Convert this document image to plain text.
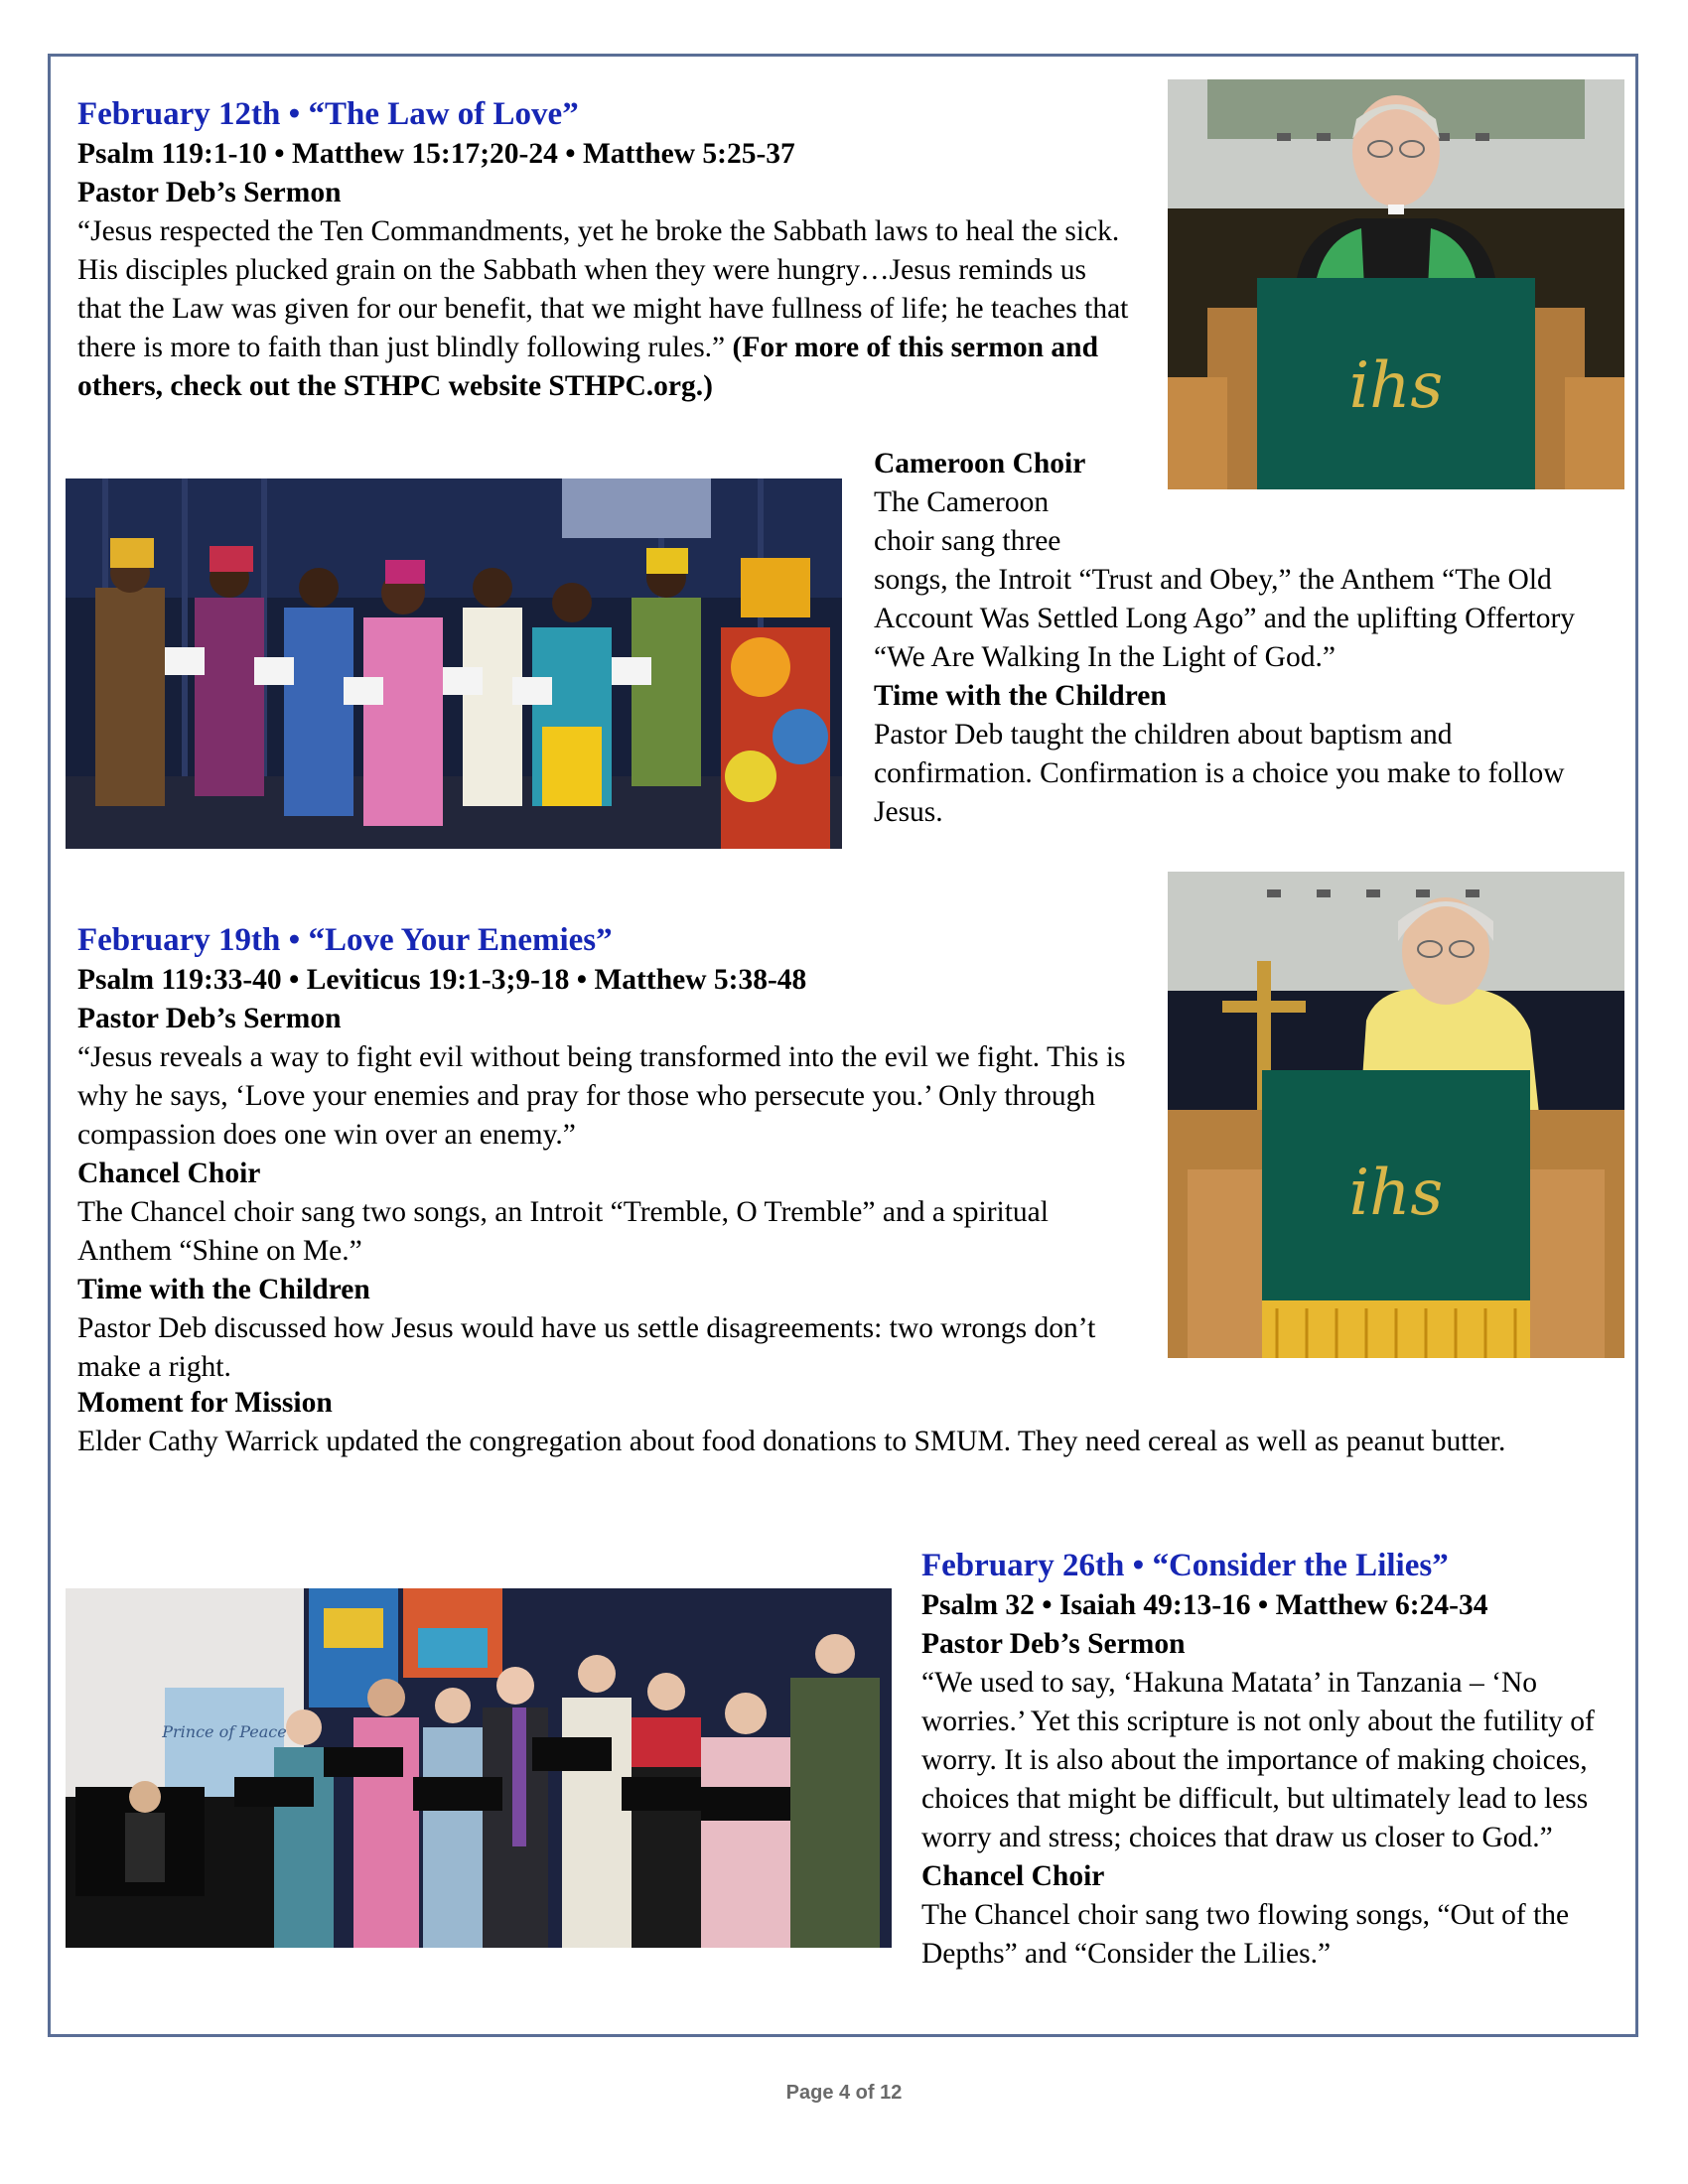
February 12th • “The Law of Love”

Psalm 119:1-10 • Matthew 15:17;20-24 • Matthew 5:25-37

Pastor Deb’s Sermon

“Jesus respected the Ten Commandments, yet he broke the Sabbath laws to heal the sick. His disciples plucked grain on the Sabbath when they were hungry…Jesus reminds us that the Law was given for our benefit, that we might have fullness of life; he teaches that there is more to faith than just blindly following rules.” (For more of this sermon and others, check out the STHPC website STHPC.org.)

Cameroon Choir

The Cameroon

choir sang three

songs, the Introit “Trust and Obey,” the Anthem “The Old Account Was Settled Long Ago” and the uplifting Offertory “We Are Walking In the Light of God.”

Time with the Children

Pastor Deb taught the children about baptism and confirmation. Confirmation is a choice you make to follow Jesus.

ihs

February 19th • “Love Your Enemies”

Psalm 119:33-40 • Leviticus 19:1-3;9-18 • Matthew 5:38-48

Pastor Deb’s Sermon

“Jesus reveals a way to fight evil without being transformed into the evil we fight. This is why he says, ‘Love your enemies and pray for those who persecute you.’ Only through compassion does one win over an enemy.”

Chancel Choir

The Chancel choir sang two songs, an Introit “Tremble, O Tremble” and a spiritual Anthem “Shine on Me.”

Time with the Children

Pastor Deb discussed how Jesus would have us settle disagreements: two wrongs don’t make a right.

Moment for Mission

Elder Cathy Warrick updated the congregation about food donations to SMUM. They need cereal as well as peanut butter.

ihs

February 26th • “Consider the Lilies”

Psalm 32 • Isaiah 49:13-16 • Matthew 6:24-34

Pastor Deb’s Sermon

“We used to say, ‘Hakuna Matata’ in Tanzania – ‘No worries.’ Yet this scripture is not only about the futility of worry. It is also about the importance of making choices, choices that might be difficult, but ultimately lead to less worry and stress; choices that draw us closer to God.”

Chancel Choir

The Chancel choir sang two flowing songs, “Out of the Depths” and “Consider the Lilies.”

Prince of Peace
Page 4 of 12
